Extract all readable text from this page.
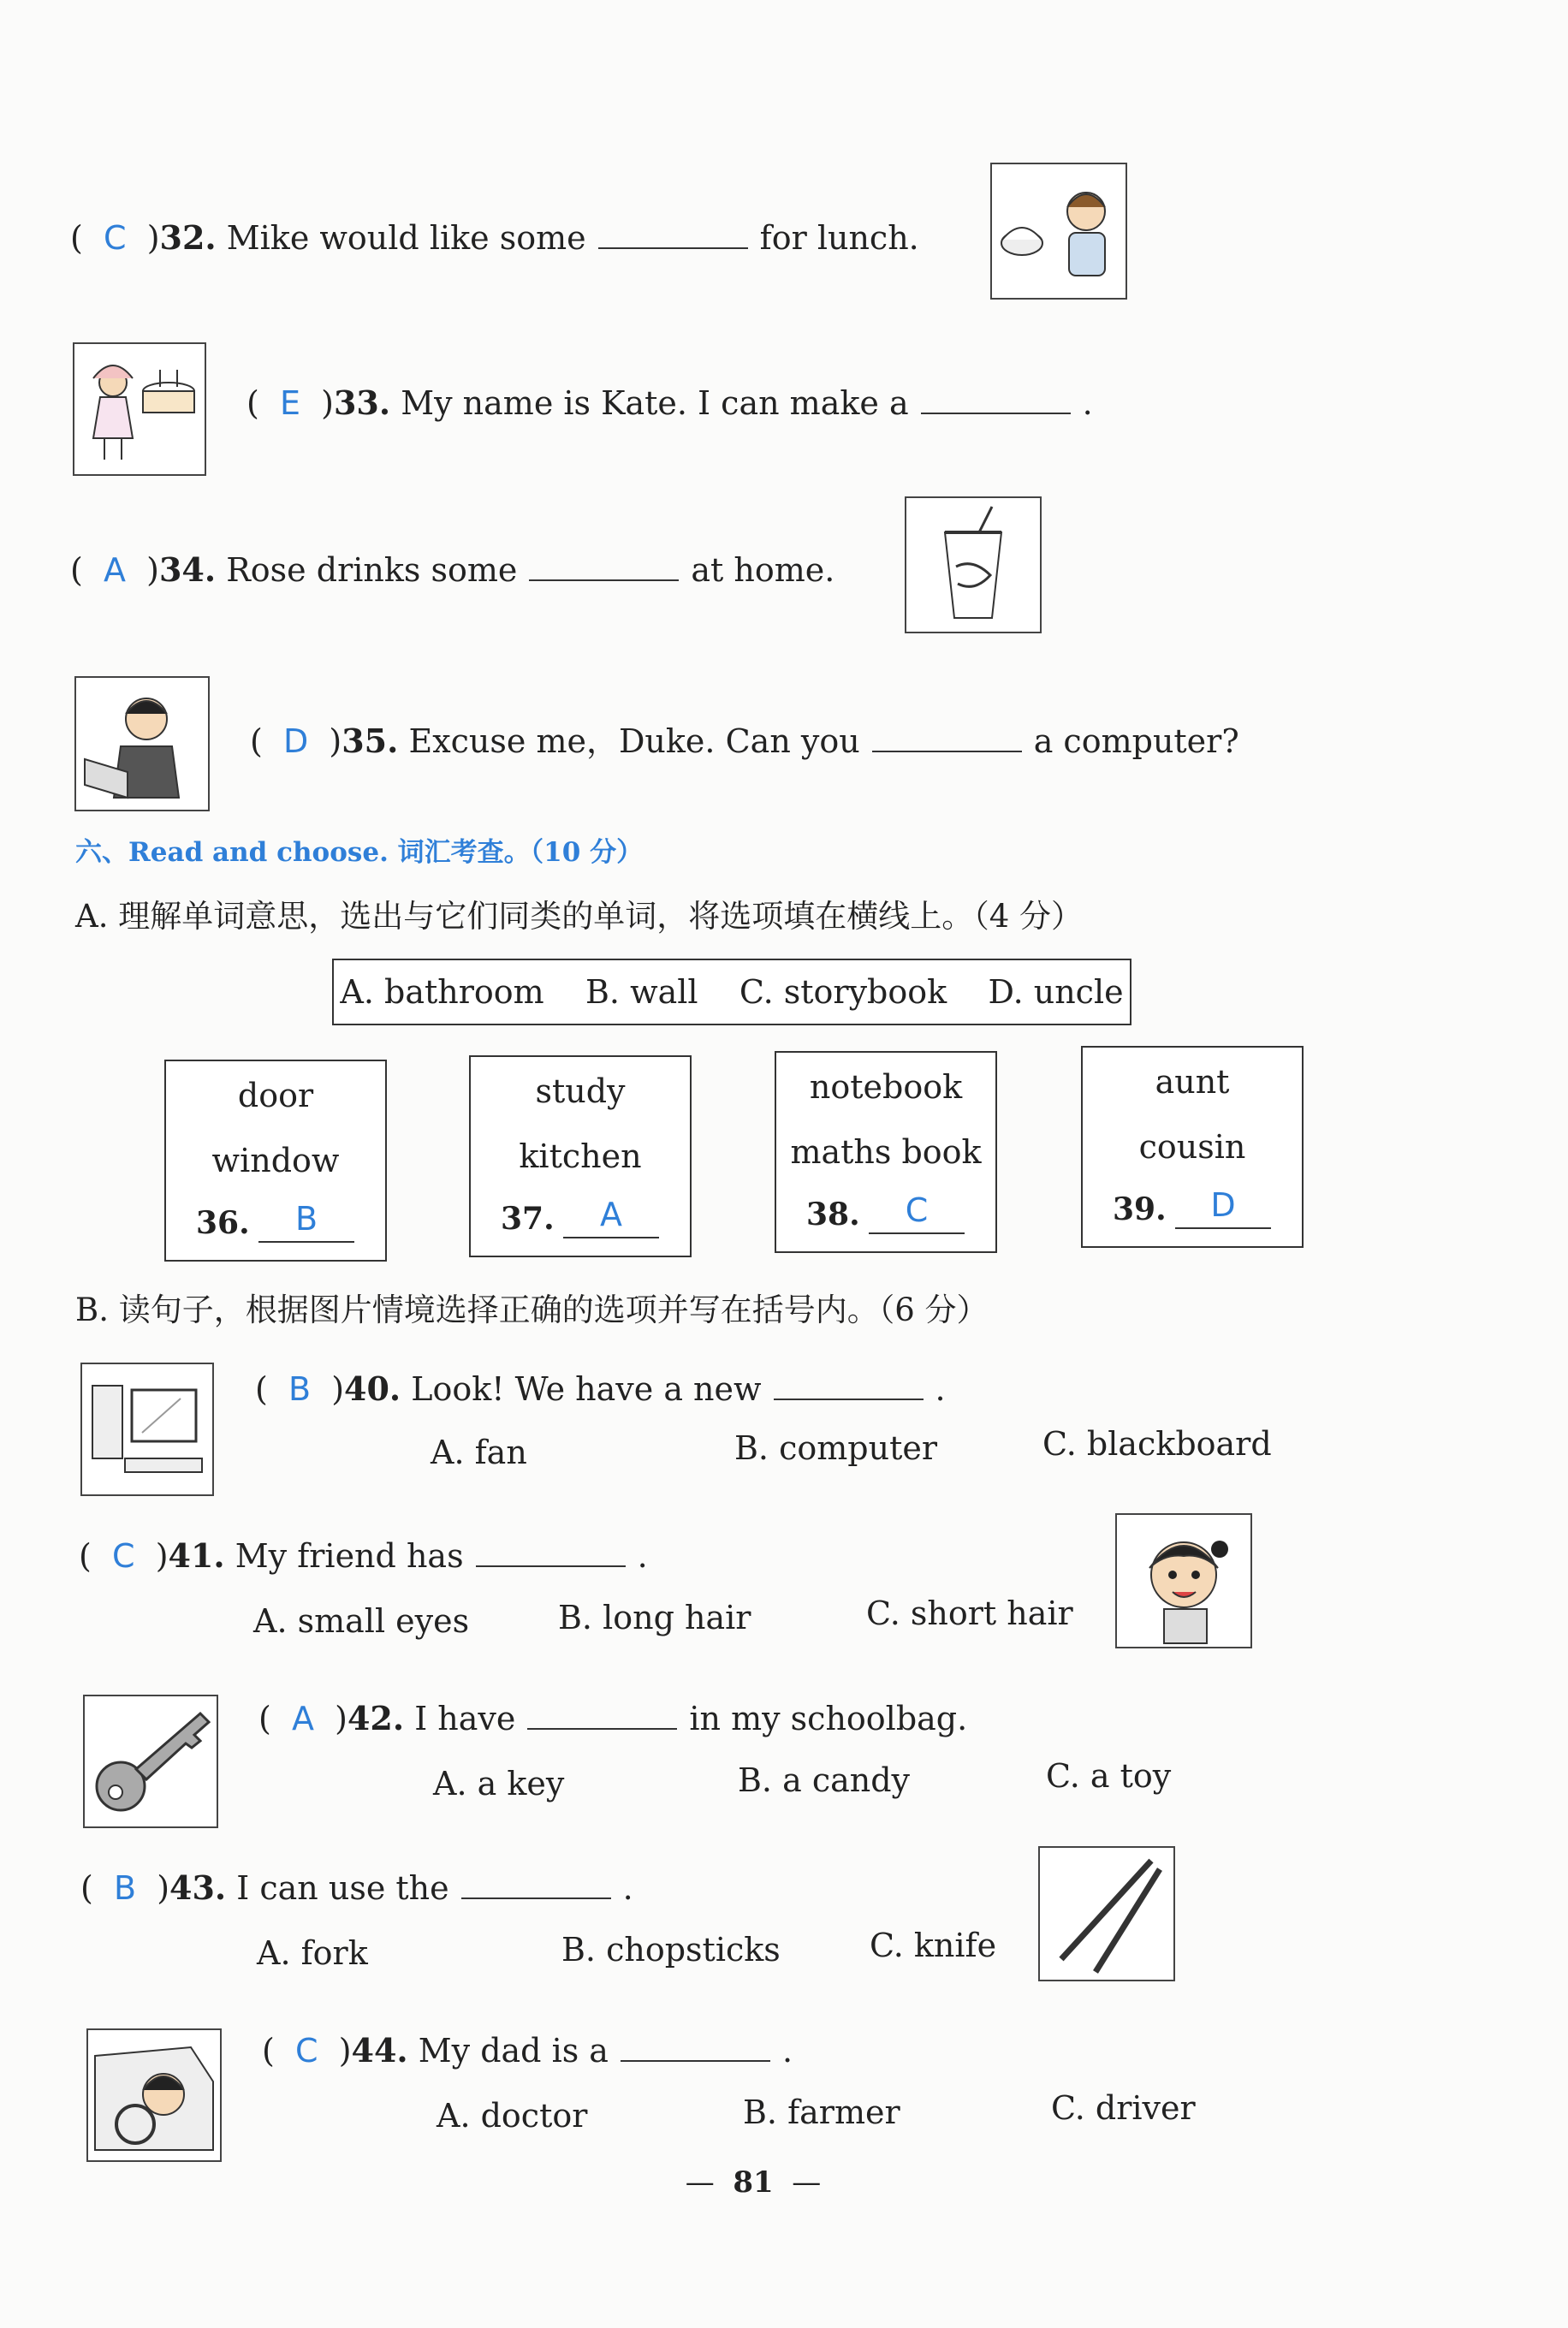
(  C  )32. Mike would like some	for lunch.
(  E  )33. My name is Kate. I can make a	.
(  A  )34. Rose drinks some	at home.
(  D  )35. Excuse me，Duke. Can you	a computer?
六、Read and choose. 词汇考查。（10 分）
A. 理解单词意思，选出与它们同类的单词，将选项填在横线上。（4 分）
A. bathroom    B. wall    C. storybook    D. uncle
door
window
36.	B
study
kitchen
37.	A
notebook
maths book
38.	C
aunt
cousin
39.	D
B. 读句子，根据图片情境选择正确的选项并写在括号内。（6 分）
(  B  )40. Look! We have a new	.
A. fan	B. computer	C. blackboard
(  C  )41. My friend has	.
A. small eyes	B. long hair	C. short hair
(  A  )42. I have	in my schoolbag.
A. a key	B. a candy	C. a toy
(  B  )43. I can use the	.
A. fork	B. chopsticks	C. knife
(  C  )44. My dad is a	.
A. doctor	B. farmer	C. driver
—  81  —
